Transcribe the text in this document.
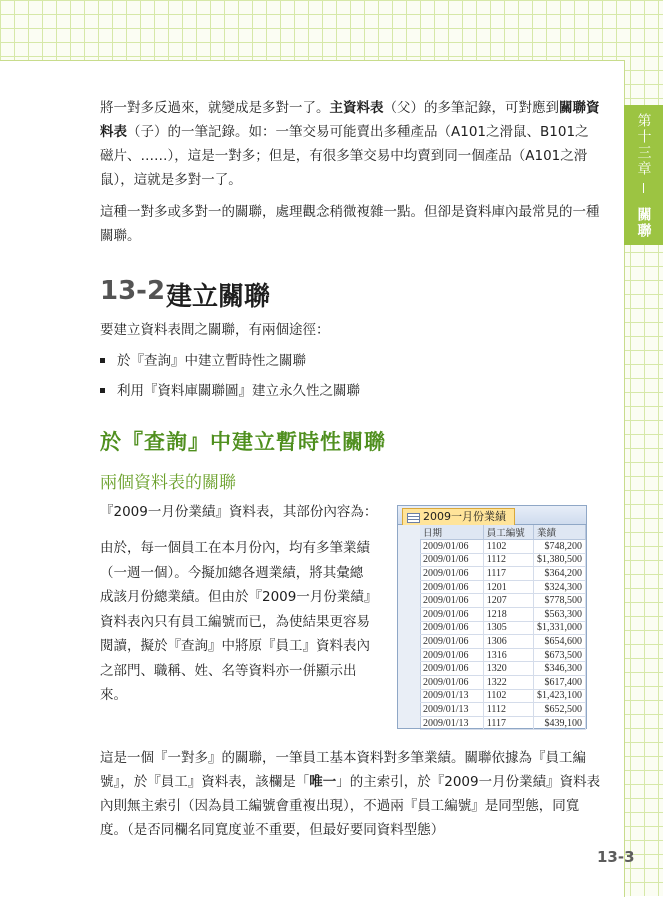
第十三章
關聯

將一對多反過來，就變成是多對一了。主資料表（父）的多筆記錄，可對應到關聯資料表（子）的一筆記錄。如：一筆交易可能賣出多種產品（A101之滑鼠、B101之磁片、……），這是一對多；但是，有很多筆交易中均賣到同一個產品（A101之滑鼠），這就是多對一了。

這種一對多或多對一的關聯，處理觀念稍微複雜一點。但卻是資料庫內最常見的一種關聯。

13-2 建立關聯

要建立資料表間之關聯，有兩個途徑：

於『查詢』中建立暫時性之關聯
利用『資料庫關聯圖』建立永久性之關聯
於『查詢』中建立暫時性關聯
兩個資料表的關聯

『2009一月份業績』資料表，其部份內容為：

由於，每一個員工在本月份內，均有多筆業績（一週一個）。今擬加總各週業績，將其彙總成該月份總業績。但由於『2009一月份業績』資料表內只有員工編號而已，為使結果更容易閱讀，擬於『查詢』中將原『員工』資料表內之部門、職稱、姓、名等資料亦一併顯示出來。

2009一月份業績
日期	員工編號	業績
2009/01/06	1102	$748,200
2009/01/06	1112	$1,380,500
2009/01/06	1117	$364,200
2009/01/06	1201	$324,300
2009/01/06	1207	$778,500
2009/01/06	1218	$563,300
2009/01/06	1305	$1,331,000
2009/01/06	1306	$654,600
2009/01/06	1316	$673,500
2009/01/06	1320	$346,300
2009/01/06	1322	$617,400
2009/01/13	1102	$1,423,100
2009/01/13	1112	$652,500
2009/01/13	1117	$439,100

這是一個『一對多』的關聯，一筆員工基本資料對多筆業績。關聯依據為『員工編號』，於『員工』資料表，該欄是「唯一」的主索引，於『2009一月份業績』資料表內則無主索引（因為員工編號會重複出現），不過兩『員工編號』是同型態，同寬度。（是否同欄名同寬度並不重要，但最好要同資料型態）

13-3
